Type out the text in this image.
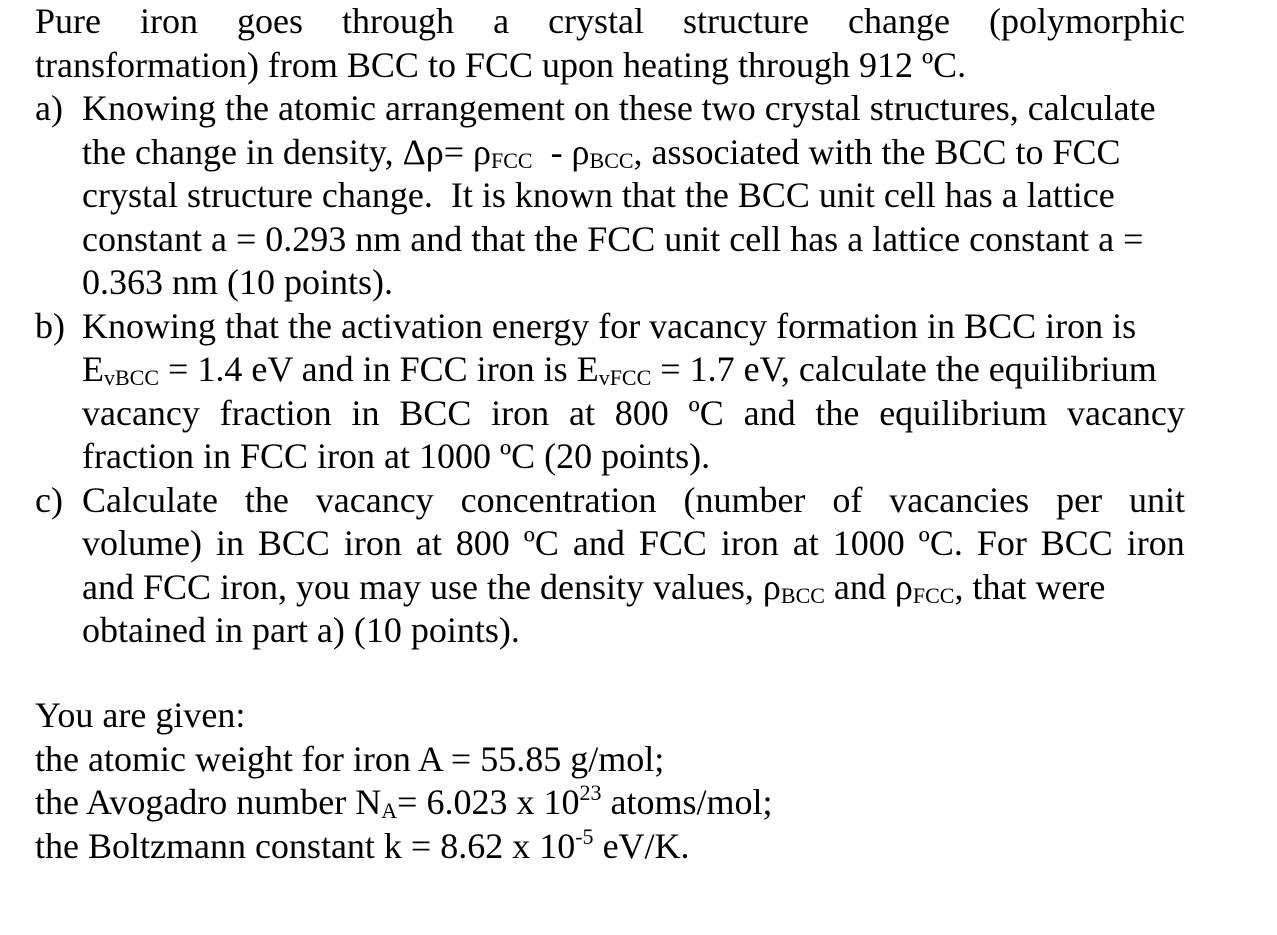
Pure iron goes through a crystal structure change (polymorphic
transformation) from BCC to FCC upon heating through 912 ºC.
a) Knowing the atomic arrangement on these two crystal structures, calculate
the change in density, Δρ= ρFCC  - ρBCC, associated with the BCC to FCC
crystal structure change.  It is known that the BCC unit cell has a lattice
constant a = 0.293 nm and that the FCC unit cell has a lattice constant a =
0.363 nm (10 points).
b) Knowing that the activation energy for vacancy formation in BCC iron is
EvBCC = 1.4 eV and in FCC iron is EvFCC = 1.7 eV, calculate the equilibrium
vacancy fraction in BCC iron at 800 ºC and the equilibrium vacancy
fraction in FCC iron at 1000 ºC (20 points).
c) Calculate the vacancy concentration (number of vacancies per unit
volume) in BCC iron at 800 ºC and FCC iron at 1000 ºC. For BCC iron
and FCC iron, you may use the density values, ρBCC and ρFCC, that were
obtained in part a) (10 points).
You are given:
the atomic weight for iron A = 55.85 g/mol;
the Avogadro number NA= 6.023 x $10^{23}$ atoms/mol;
the Boltzmann constant k = 8.62 x $10^{-5}$ eV/K.
